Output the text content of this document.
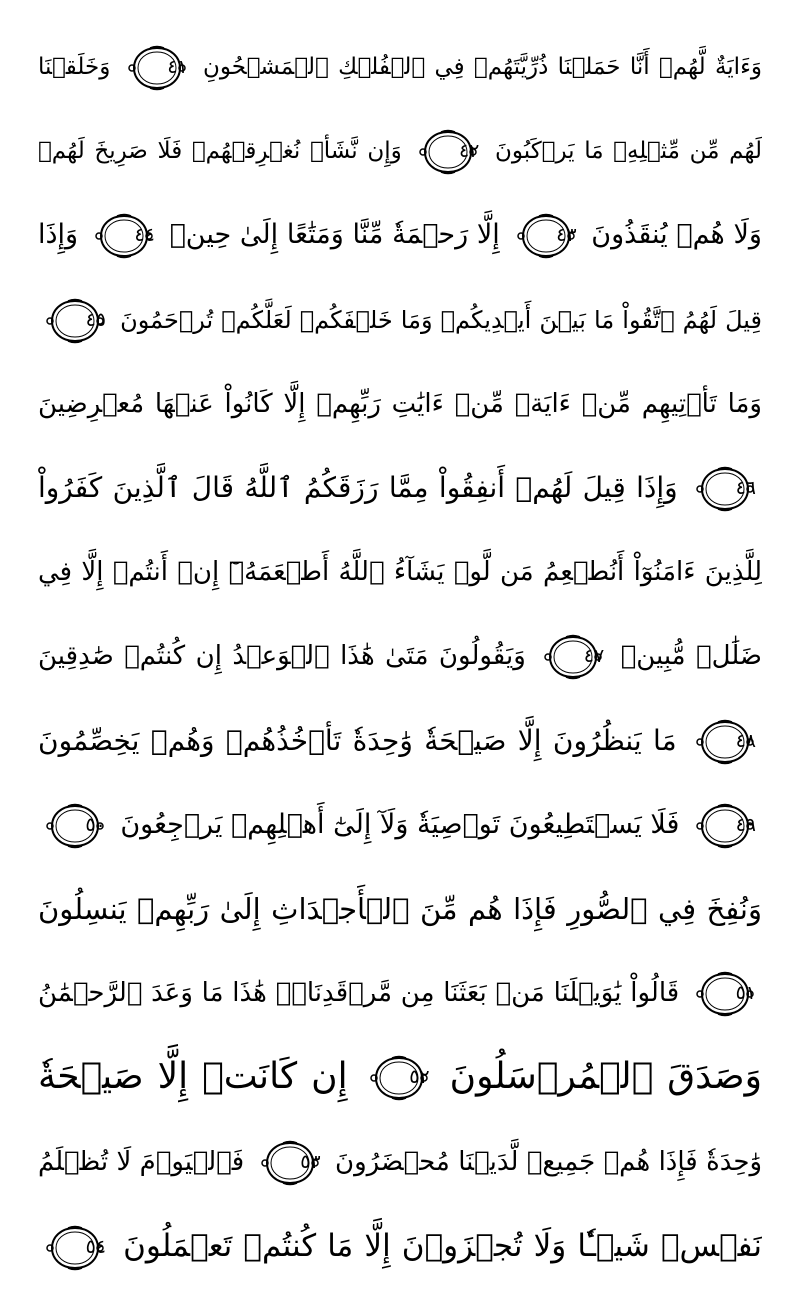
وَءَايَةٌ لَّهُمۡ أَنَّا حَمَلۡنَا ذُرِّيَّتَهُمۡ فِي ٱلۡفُلۡكِ ٱلۡمَشۡحُونِ
٤١
وَخَلَقۡنَا
لَهُم مِّن مِّثۡلِهِۦ مَا يَرۡكَبُونَ
٤٢
وَإِن نَّشَأۡ نُغۡرِقۡهُمۡ فَلَا صَرِيخَ لَهُمۡ
وَلَا هُمۡ يُنقَذُونَ
٤٣
إِلَّا رَحۡمَةٗ مِّنَّا وَمَتَٰعًا إِلَىٰ حِينٖ
٤٤
وَإِذَا
قِيلَ لَهُمُ ٱتَّقُواْ مَا بَيۡنَ أَيۡدِيكُمۡ وَمَا خَلۡفَكُمۡ لَعَلَّكُمۡ تُرۡحَمُونَ
٤٥
وَمَا تَأۡتِيهِم مِّنۡ ءَايَةٖ مِّنۡ ءَايَٰتِ رَبِّهِمۡ إِلَّا كَانُواْ عَنۡهَا مُعۡرِضِينَ
٤٦
وَإِذَا قِيلَ لَهُمۡ أَنفِقُواْ مِمَّا رَزَقَكُمُ ٱللَّهُ قَالَ ٱلَّذِينَ كَفَرُواْ
لِلَّذِينَ ءَامَنُوٓاْ أَنُطۡعِمُ مَن لَّوۡ يَشَآءُ ٱللَّهُ أَطۡعَمَهُۥٓ إِنۡ أَنتُمۡ إِلَّا فِي
ضَلَٰلٖ مُّبِينٖ
٤٧
وَيَقُولُونَ مَتَىٰ هَٰذَا ٱلۡوَعۡدُ إِن كُنتُمۡ صَٰدِقِينَ
٤٨
مَا يَنظُرُونَ إِلَّا صَيۡحَةٗ وَٰحِدَةٗ تَأۡخُذُهُمۡ وَهُمۡ يَخِصِّمُونَ
٤٩
فَلَا يَسۡتَطِيعُونَ تَوۡصِيَةٗ وَلَآ إِلَىٰٓ أَهۡلِهِمۡ يَرۡجِعُونَ
٥٠
وَنُفِخَ فِي ٱلصُّورِ فَإِذَا هُم مِّنَ ٱلۡأَجۡدَاثِ إِلَىٰ رَبِّهِمۡ يَنسِلُونَ
٥١
قَالُواْ يَٰوَيۡلَنَا مَنۢ بَعَثَنَا مِن مَّرۡقَدِنَاۗۜ هَٰذَا مَا وَعَدَ ٱلرَّحۡمَٰنُ
وَصَدَقَ ٱلۡمُرۡسَلُونَ
٥٢
إِن كَانَتۡ إِلَّا صَيۡحَةٗ
وَٰحِدَةٗ فَإِذَا هُمۡ جَمِيعٞ لَّدَيۡنَا مُحۡضَرُونَ
٥٣
فَٱلۡيَوۡمَ لَا تُظۡلَمُ
نَفۡسٞ شَيۡـٔٗا وَلَا تُجۡزَوۡنَ إِلَّا مَا كُنتُمۡ تَعۡمَلُونَ
٥٤
